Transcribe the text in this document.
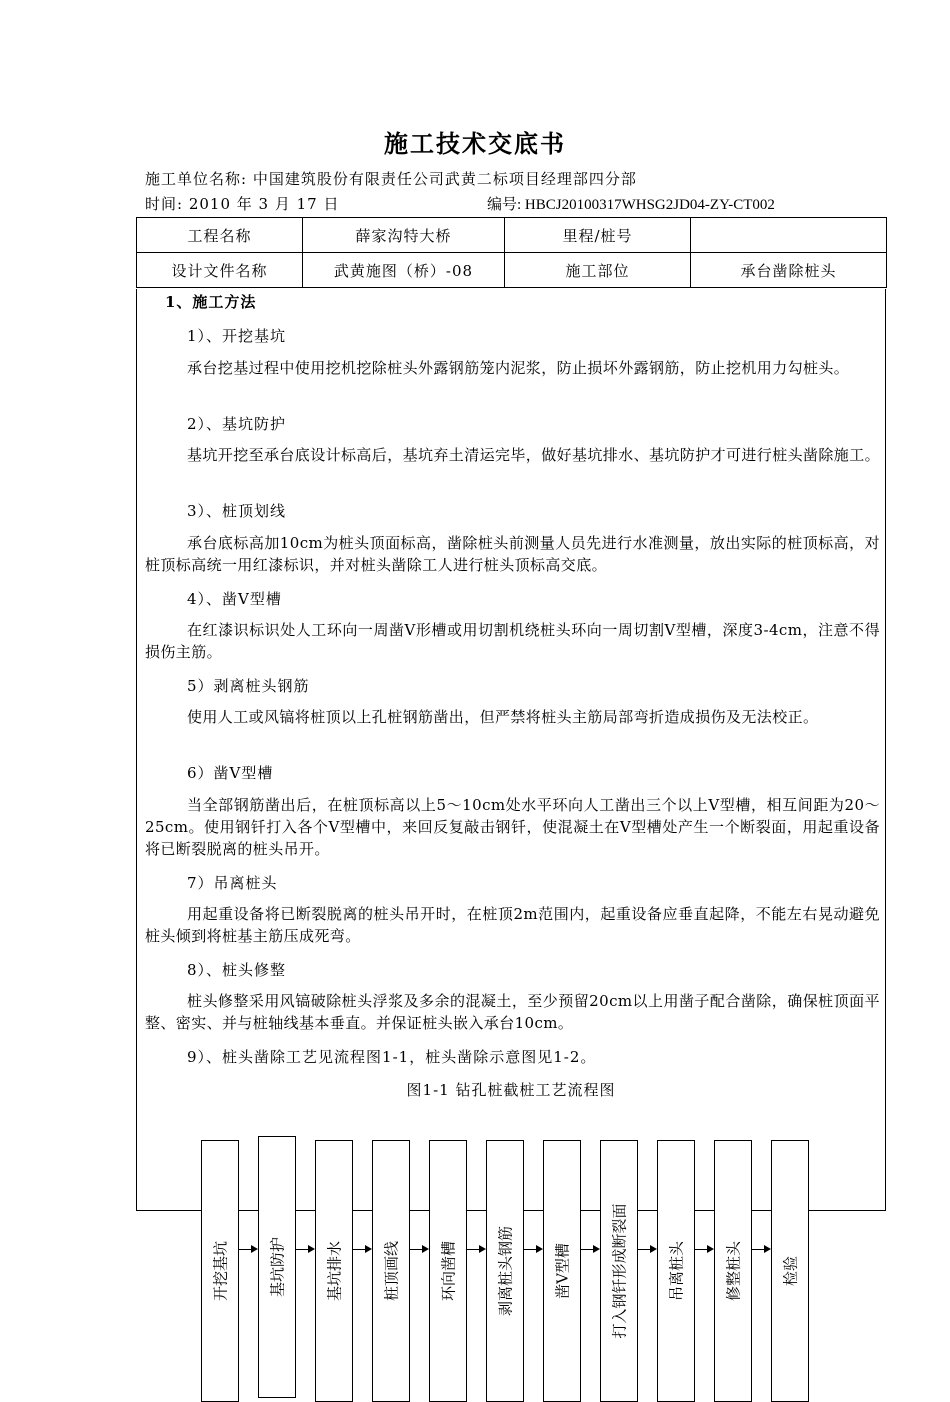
施工技术交底书
施工单位名称: 中国建筑股份有限责任公司武黄二标项目经理部四分部
时间: 2010 年 3 月 17 日	编号: HBCJ20100317WHSG2JD04-ZY-CT002
工程名称	薛家沟特大桥	里程/桩号	
设计文件名称	武黄施图（桥）-08	施工部位	承台凿除桩头
1、施工方法
1）、开挖基坑
承台挖基过程中使用挖机挖除桩头外露钢筋笼内泥浆，防止损坏外露钢筋，防止挖机用力勾桩头。
2）、基坑防护
基坑开挖至承台底设计标高后，基坑弃土清运完毕，做好基坑排水、基坑防护才可进行桩头凿除施工。
3）、桩顶划线
承台底标高加10cm为桩头顶面标高，凿除桩头前测量人员先进行水准测量，放出实际的桩顶标高，对桩顶标高统一用红漆标识，并对桩头凿除工人进行桩头顶标高交底。
4）、凿V型槽
在红漆识标识处人工环向一周凿V形槽或用切割机绕桩头环向一周切割V型槽，深度3-4cm，注意不得损伤主筋。
5）剥离桩头钢筋
使用人工或风镐将桩顶以上孔桩钢筋凿出，但严禁将桩头主筋局部弯折造成损伤及无法校正。
6）凿V型槽
当全部钢筋凿出后，在桩顶标高以上5～10cm处水平环向人工凿出三个以上V型槽，相互间距为20～25cm。使用钢钎打入各个V型槽中，来回反复敲击钢钎，使混凝土在V型槽处产生一个断裂面，用起重设备将已断裂脱离的桩头吊开。
7）吊离桩头
用起重设备将已断裂脱离的桩头吊开时，在桩顶2m范围内，起重设备应垂直起降，不能左右晃动避免桩头倾到将桩基主筋压成死弯。
8）、桩头修整
桩头修整采用风镐破除桩头浮浆及多余的混凝土，至少预留20cm以上用凿子配合凿除，确保桩顶面平整、密实、并与桩轴线基本垂直。并保证桩头嵌入承台10cm。
9）、桩头凿除工艺见流程图1-1，桩头凿除示意图见1-2。
图1-1 钻孔桩截桩工艺流程图
开挖基坑	基坑防护	基坑排水	桩顶画线	环向凿槽	剥离桩头钢筋	凿V型槽	打入钢钎形成断裂面	吊离桩头	修整桩头	检验
